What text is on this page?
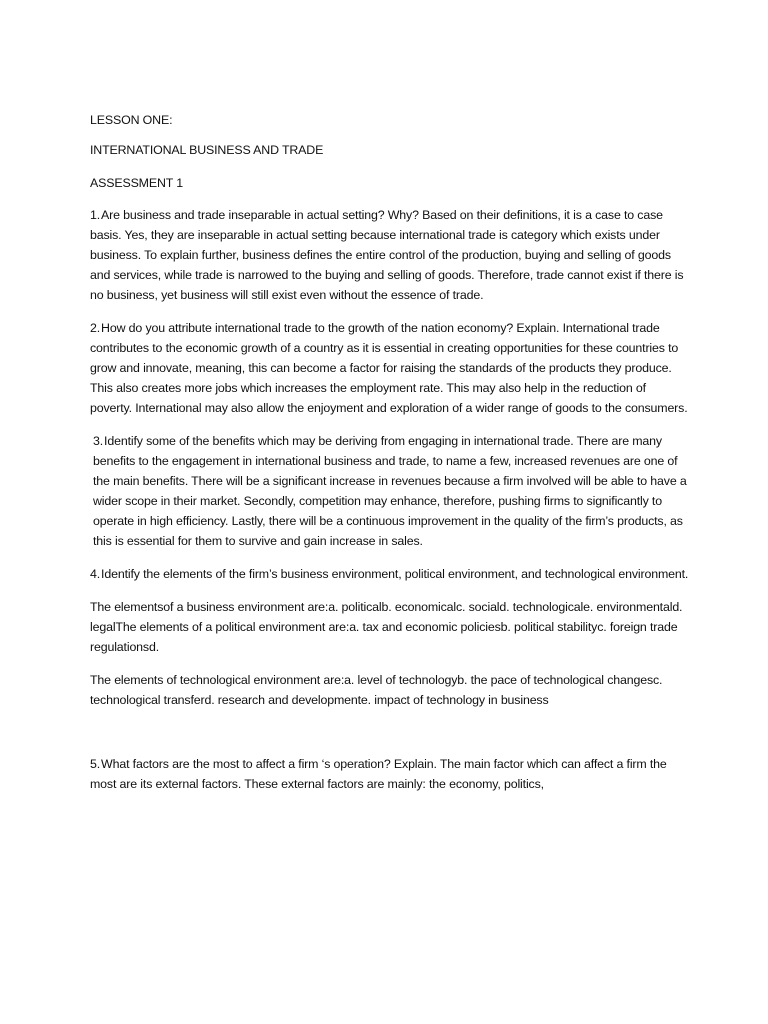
LESSON ONE:

INTERNATIONAL BUSINESS AND TRADE

ASSESSMENT 1

1.Are business and trade inseparable in actual setting? Why? Based on their definitions, it is a case to case basis. Yes, they are inseparable in actual setting because international trade is category which exists under business. To explain further, business defines the entire control of the production, buying and selling of goods and services, while trade is narrowed to the buying and selling of goods. Therefore, trade cannot exist if there is no business, yet business will still exist even without the essence of trade.

2.How do you attribute international trade to the growth of the nation economy? Explain. International trade contributes to the economic growth of a country as it is essential in creating opportunities for these countries to grow and innovate, meaning, this can become a factor for raising the standards of the products they produce. This also creates more jobs which increases the employment rate. This may also help in the reduction of poverty. International may also allow the enjoyment and exploration of a wider range of goods to the consumers.

3.Identify some of the benefits which may be deriving from engaging in international trade. There are many benefits to the engagement in international business and trade, to name a few, increased revenues are one of the main benefits. There will be a significant increase in revenues because a firm involved will be able to have a wider scope in their market. Secondly, competition may enhance, therefore, pushing firms to significantly to operate in high efficiency. Lastly, there will be a continuous improvement in the quality of the firm’s products, as this is essential for them to survive and gain increase in sales.

4.Identify the elements of the firm’s business environment, political environment, and technological environment.

The elementsof a business environment are:a. politicalb. economicalc. sociald. technologicale. environmentald. legalThe elements of a political environment are:a. tax and economic policiesb. political stabilityc. foreign trade regulationsd.

The elements of technological environment are:a. level of technologyb. the pace of technological changesc. technological transferd. research and developmente. impact of technology in business

5.What factors are the most to affect a firm ‘s operation? Explain. The main factor which can affect a firm the most are its external factors. These external factors are mainly: the economy, politics,
